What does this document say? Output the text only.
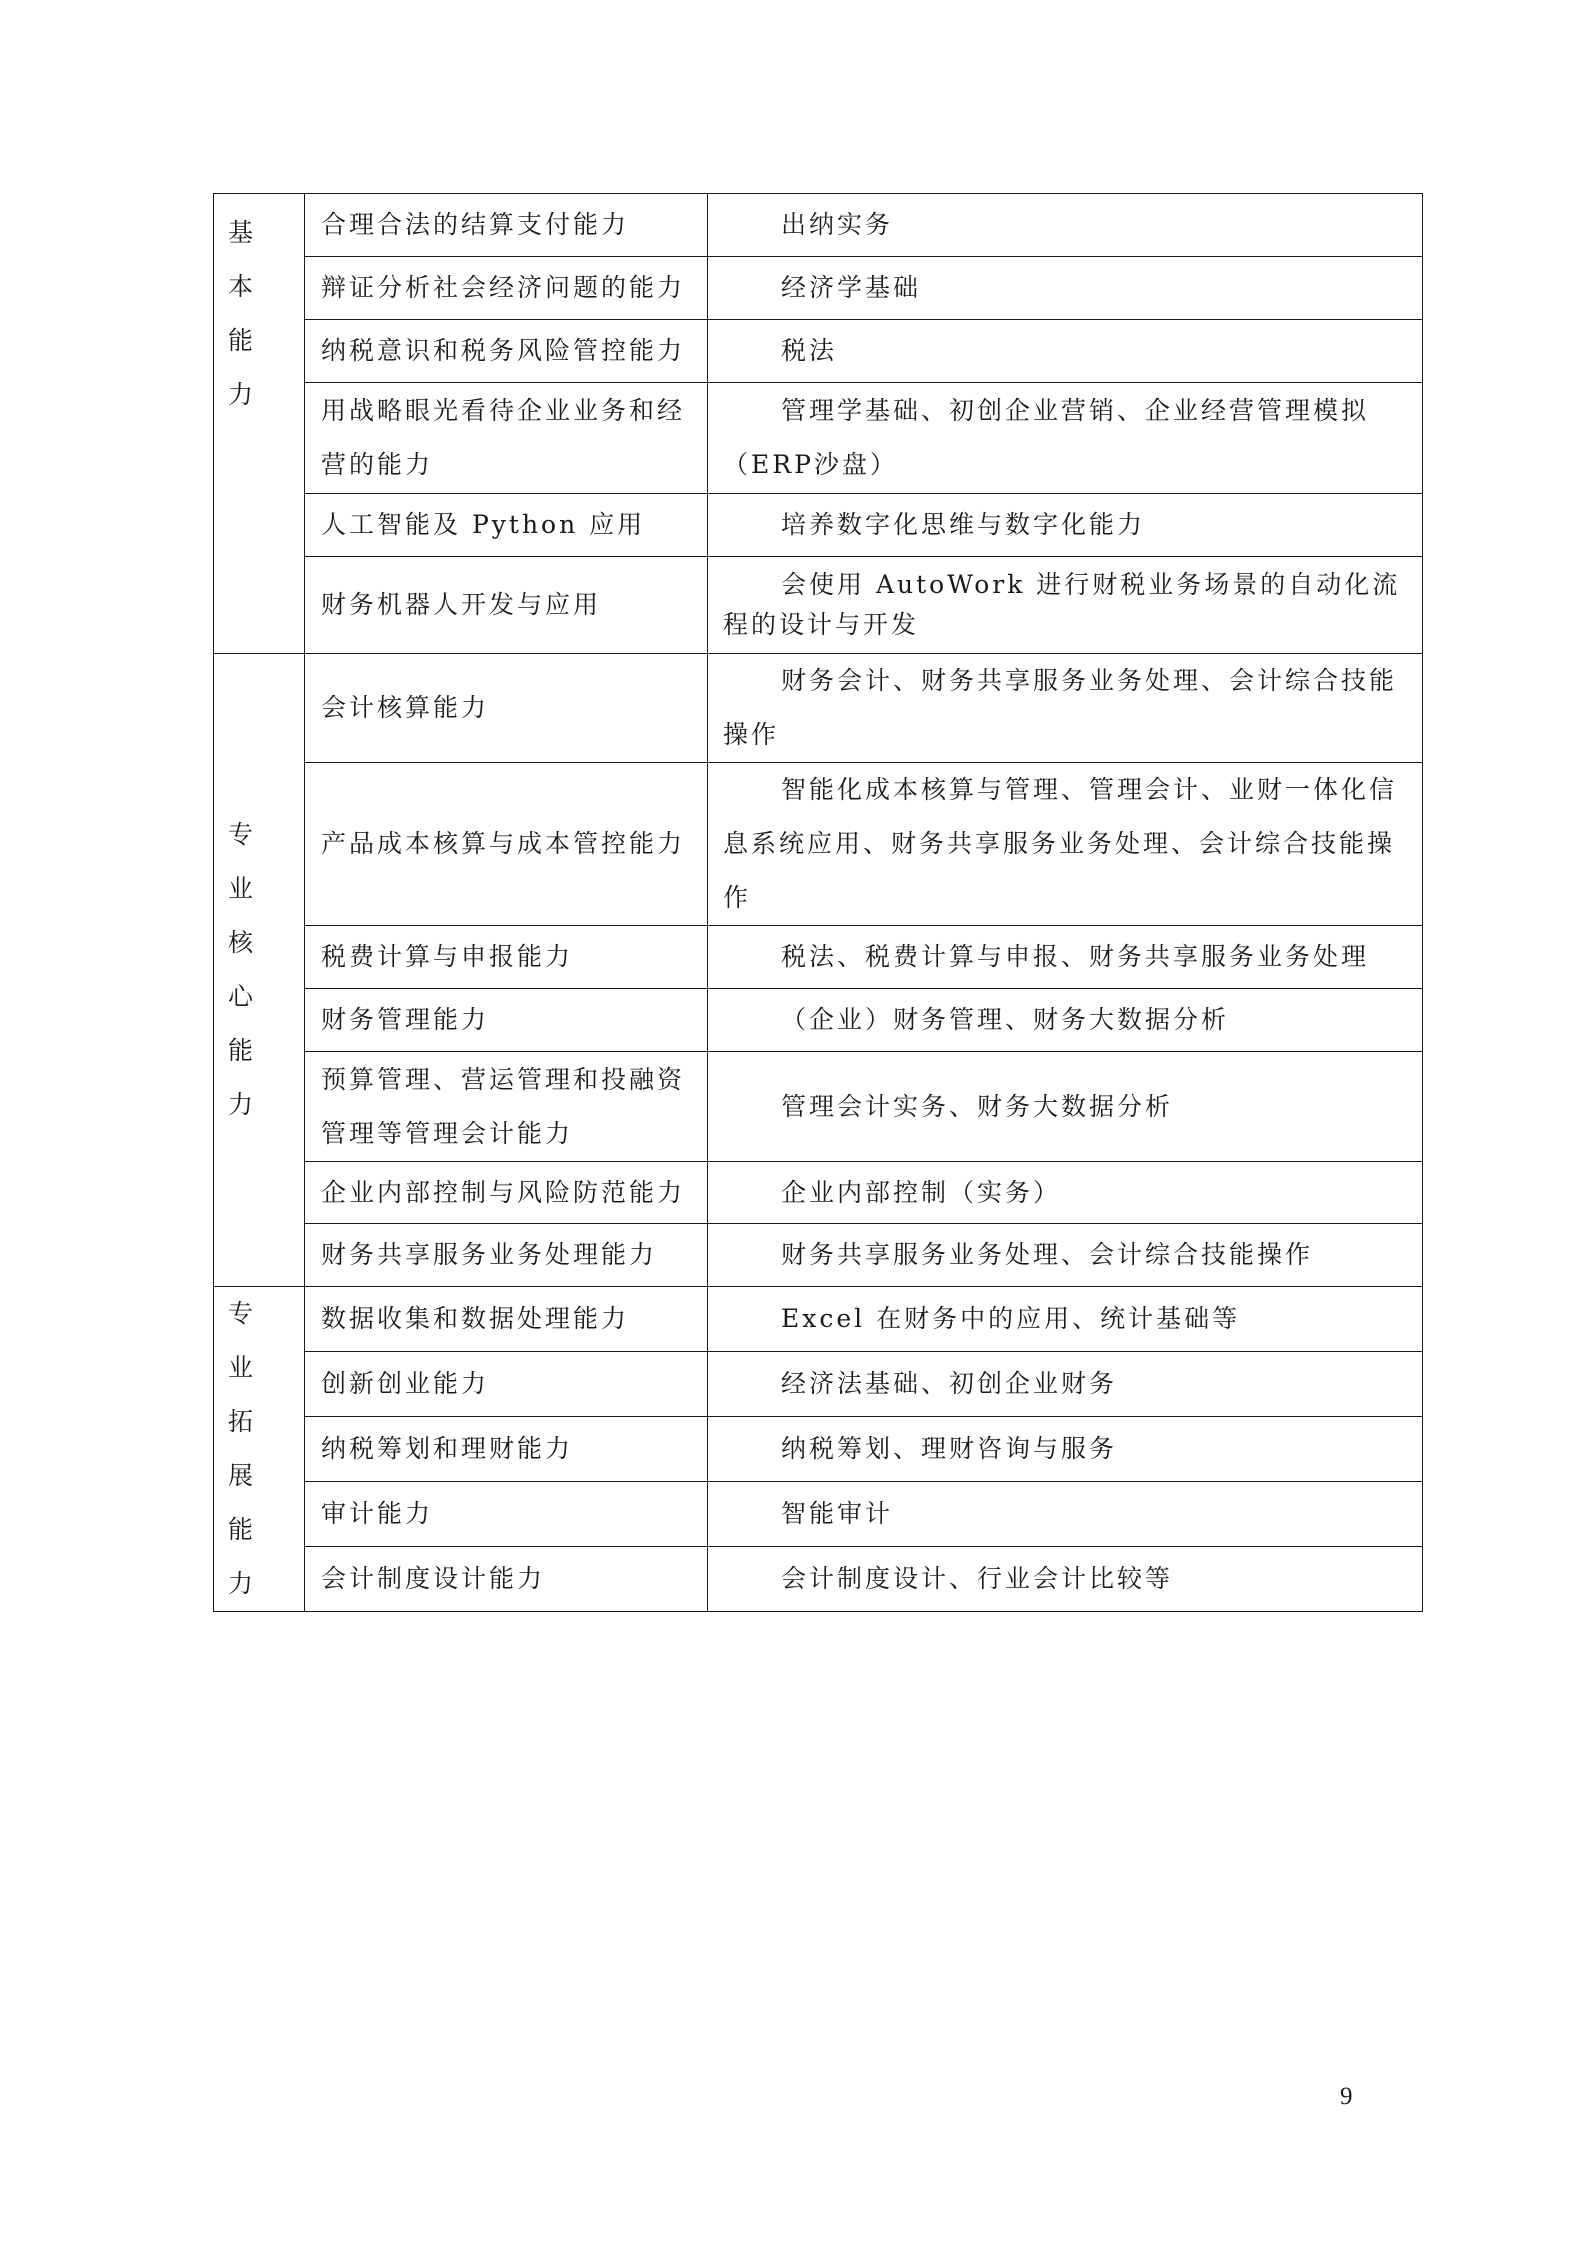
基本
能力	合理合法的结算支付能力	出纳实务

	辩证分析社会经济问题的能力	经济学基础

	纳税意识和税务风险管控能力	税法

	用战略眼光看待企业业务和经营的能力	管理学基础、初创企业营销、企业经营管理模拟（ERP沙盘）

	人工智能及 Python 应用	培养数字化思维与数字化能力

	财务机器人开发与应用	会使用 AutoWork 进行财税业务场景的自动化流程的设计与开发

专业
核心
能力	会计核算能力	财务会计、财务共享服务业务处理、会计综合技能操作

	产品成本核算与成本管控能力	智能化成本核算与管理、管理会计、业财一体化信息系统应用、财务共享服务业务处理、会计综合技能操作

	税费计算与申报能力	税法、税费计算与申报、财务共享服务业务处理

	财务管理能力	（企业）财务管理、财务大数据分析

	预算管理、营运管理和投融资管理等管理会计能力	管理会计实务、财务大数据分析

	企业内部控制与风险防范能力	企业内部控制（实务）

	财务共享服务业务处理能力	财务共享服务业务处理、会计综合技能操作

专业
拓展
能力	数据收集和数据处理能力	Excel 在财务中的应用、统计基础等

	创新创业能力	经济法基础、初创企业财务

	纳税筹划和理财能力	纳税筹划、理财咨询与服务

	审计能力	智能审计

	会计制度设计能力	会计制度设计、行业会计比较等
9
